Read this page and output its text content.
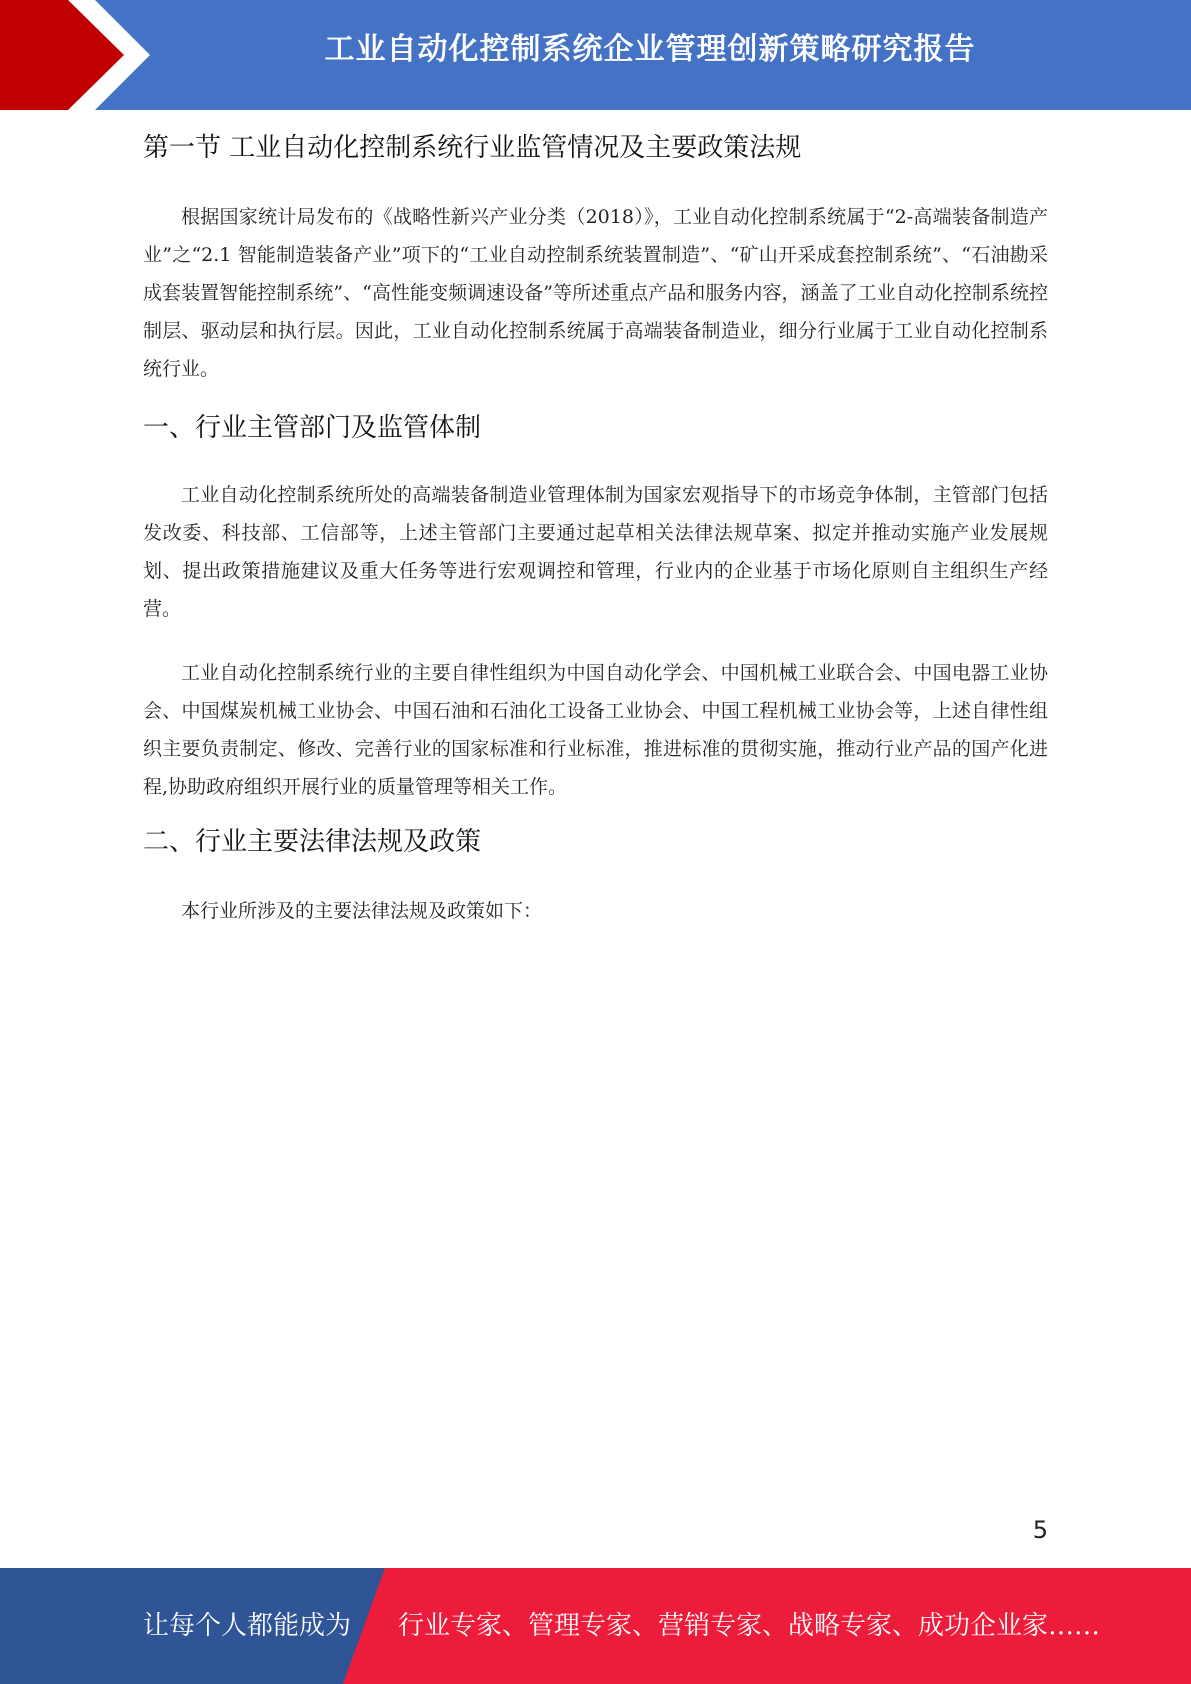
工业自动化控制系统企业管理创新策略研究报告
第一节 工业自动化控制系统行业监管情况及主要政策法规

根据国家统计局发布的《战略性新兴产业分类（2018）》，工业自动化控制系统属于“2-高端装备制造产业”之“2.1 智能制造装备产业”项下的“工业自动控制系统装置制造”、“矿山开采成套控制系统”、“石油勘采成套装置智能控制系统”、“高性能变频调速设备”等所述重点产品和服务内容，涵盖了工业自动化控制系统控制层、驱动层和执行层。因此，工业自动化控制系统属于高端装备制造业，细分行业属于工业自动化控制系统行业。

一、行业主管部门及监管体制

工业自动化控制系统所处的高端装备制造业管理体制为国家宏观指导下的市场竞争体制，主管部门包括发改委、科技部、工信部等，上述主管部门主要通过起草相关法律法规草案、拟定并推动实施产业发展规划、提出政策措施建议及重大任务等进行宏观调控和管理，行业内的企业基于市场化原则自主组织生产经营。

工业自动化控制系统行业的主要自律性组织为中国自动化学会、中国机械工业联合会、中国电器工业协会、中国煤炭机械工业协会、中国石油和石油化工设备工业协会、中国工程机械工业协会等，上述自律性组织主要负责制定、修改、完善行业的国家标准和行业标准，推进标准的贯彻实施，推动行业产品的国产化进程,协助政府组织开展行业的质量管理等相关工作。

二、行业主要法律法规及政策

本行业所涉及的主要法律法规及政策如下：

5
让每个人都能成为 行业专家、管理专家、营销专家、战略专家、成功企业家……
